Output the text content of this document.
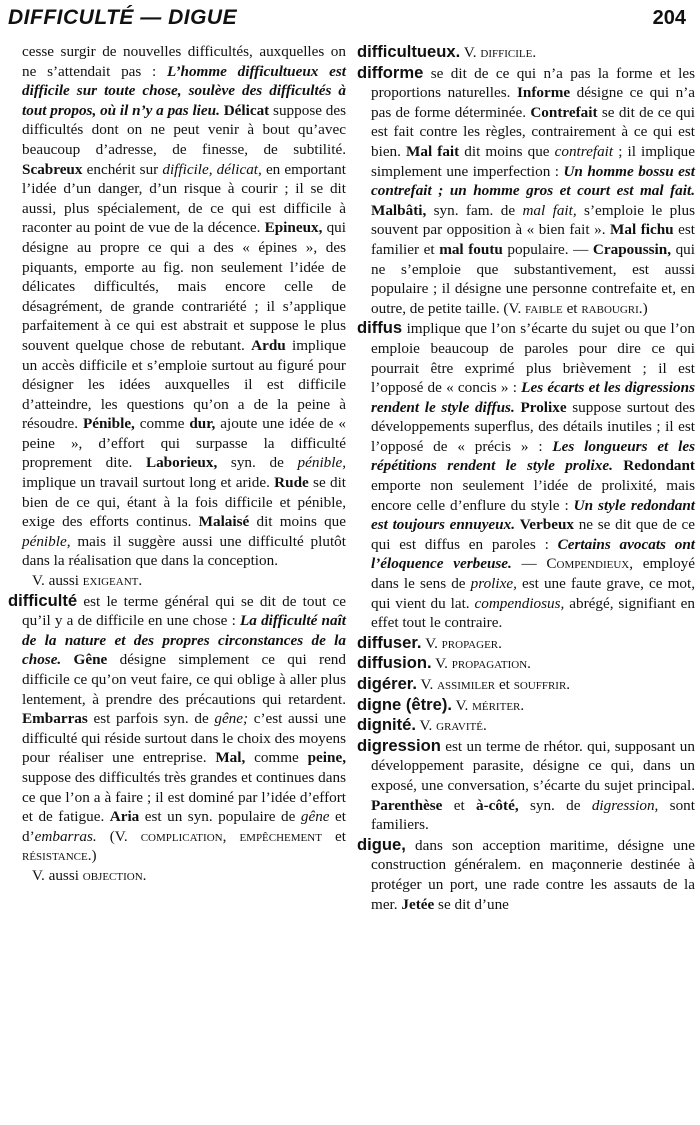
DIFFICULTÉ — DIGUE	204

cesse surgir de nouvelles difficultés, auxquelles on ne s’attendait pas : L’homme difficultueux est difficile sur toute chose, soulève des difficultés à tout propos, où il n’y a pas lieu. Délicat suppose des difficultés dont on ne peut venir à bout qu’avec beaucoup d’adresse, de finesse, de subtilité. Scabreux enchérit sur difficile, délicat, en emportant l’idée d’un danger, d’un risque à courir ; il se dit aussi, plus spécialement, de ce qui est difficile à raconter au point de vue de la décence. Epineux, qui désigne au propre ce qui a des « épines », des piquants, emporte au fig. non seulement l’idée de délicates difficultés, mais encore celle de désagrément, de grande contrariété ; il s’applique parfaitement à ce qui est abstrait et suppose le plus souvent quelque chose de rebutant. Ardu implique un accès difficile et s’emploie surtout au figuré pour désigner les idées auxquelles il est difficile d’atteindre, les questions qu’on a de la peine à résoudre. Pénible, comme dur, ajoute une idée de « peine », d’effort qui surpasse la difficulté proprement dite. Laborieux, syn. de pénible, implique un travail surtout long et aride. Rude se dit bien de ce qui, étant à la fois difficile et pénible, exige des efforts continus. Malaisé dit moins que pénible, mais il suggère aussi une difficulté plutôt dans la réalisation que dans la conception.

V. aussi exigeant.

difficulté est le terme général qui se dit de tout ce qu’il y a de difficile en une chose : La difficulté naît de la nature et des propres circonstances de la chose. Gêne désigne simplement ce qui rend difficile ce qu’on veut faire, ce qui oblige à aller plus lentement, à prendre des précautions qui retardent. Embarras est parfois syn. de gêne; c’est aussi une difficulté qui réside surtout dans le choix des moyens pour réaliser une entreprise. Mal, comme peine, suppose des difficultés très grandes et continues dans ce que l’on a à faire ; il est dominé par l’idée d’effort et de fatigue. Aria est un syn. populaire de gêne et d’embarras. (V. complication, empêchement et résistance.)

V. aussi objection.

difficultueux. V. difficile.

difforme se dit de ce qui n’a pas la forme et les proportions naturelles. Informe désigne ce qui n’a pas de forme déterminée. Contrefait se dit de ce qui est fait contre les règles, contrairement à ce qui est bien. Mal fait dit moins que contrefait ; il implique simplement une imperfection : Un homme bossu est contrefait ; un homme gros et court est mal fait. Malbâti, syn. fam. de mal fait, s’emploie le plus souvent par opposition à « bien fait ». Mal fichu est familier et mal foutu populaire. — Crapoussin, qui ne s’emploie que substantivement, est aussi populaire ; il désigne une personne contrefaite et, en outre, de petite taille. (V. faible et rabougri.)

diffus implique que l’on s’écarte du sujet ou que l’on emploie beaucoup de paroles pour dire ce qui pourrait être exprimé plus brièvement ; il est l’opposé de « concis » : Les écarts et les digressions rendent le style diffus. Prolixe suppose surtout des développements superflus, des détails inutiles ; il est l’opposé de « précis » : Les longueurs et les répétitions rendent le style prolixe. Redondant emporte non seulement l’idée de prolixité, mais encore celle d’enflure du style : Un style redondant est toujours ennuyeux. Verbeux ne se dit que de ce qui est diffus en paroles : Certains avocats ont l’éloquence verbeuse. — Compendieux, employé dans le sens de prolixe, est une faute grave, ce mot, qui vient du lat. compendiosus, abrégé, signifiant en effet tout le contraire.

diffuser. V. propager.

diffusion. V. propagation.

digérer. V. assimiler et souffrir.

digne (être). V. mériter.

dignité. V. gravité.

digression est un terme de rhétor. qui, supposant un développement parasite, désigne ce qui, dans un exposé, une conversation, s’écarte du sujet principal. Parenthèse et à-côté, syn. de digression, sont familiers.

digue, dans son acception maritime, désigne une construction généralem. en maçonnerie destinée à protéger un port, une rade contre les assauts de la mer. Jetée se dit d’une
